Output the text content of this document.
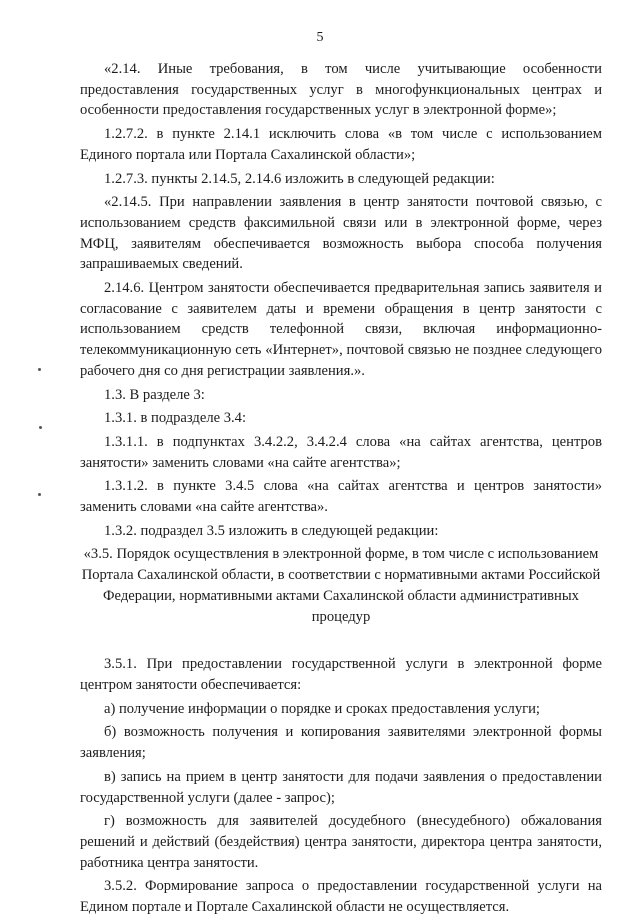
5

«2.14. Иные требования, в том числе учитывающие особенности предоставления государственных услуг в многофункциональных центрах и особенности предоставления государственных услуг в электронной форме»;

1.2.7.2. в пункте 2.14.1 исключить слова «в том числе с использованием Единого портала или Портала Сахалинской области»;

1.2.7.3. пункты 2.14.5, 2.14.6 изложить в следующей редакции:

«2.14.5. При направлении заявления в центр занятости почтовой связью, с использованием средств факсимильной связи или в электронной форме, через МФЦ, заявителям обеспечивается возможность выбора способа получения запрашиваемых сведений.

2.14.6. Центром занятости обеспечивается предварительная запись заявителя и согласование с заявителем даты и времени обращения в центр занятости с использованием средств телефонной связи, включая информационно-телекоммуникационную сеть «Интернет», почтовой связью не позднее следующего рабочего дня со дня регистрации заявления.».

1.3. В разделе 3:

1.3.1. в подразделе 3.4:

1.3.1.1. в подпунктах 3.4.2.2, 3.4.2.4 слова «на сайтах агентства, центров занятости» заменить словами «на сайте агентства»;

1.3.1.2. в пункте 3.4.5 слова «на сайтах агентства и центров занятости» заменить словами «на сайте агентства».

1.3.2. подраздел 3.5 изложить в следующей редакции:

«3.5. Порядок осуществления в электронной форме, в том числе с использованием Портала Сахалинской области, в соответствии с нормативными актами Российской Федерации, нормативными актами Сахалинской области административных процедур

3.5.1. При предоставлении государственной услуги в электронной форме центром занятости обеспечивается:

а) получение информации о порядке и сроках предоставления услуги;

б) возможность получения и копирования заявителями электронной формы заявления;

в) запись на прием в центр занятости для подачи заявления о предоставлении государственной услуги (далее - запрос);

г) возможность для заявителей досудебного (внесудебного) обжалования решений и действий (бездействия) центра занятости, директора центра занятости, работника центра занятости.

3.5.2. Формирование запроса о предоставлении государственной услуги на Едином портале и Портале Сахалинской области не осуществляется.
